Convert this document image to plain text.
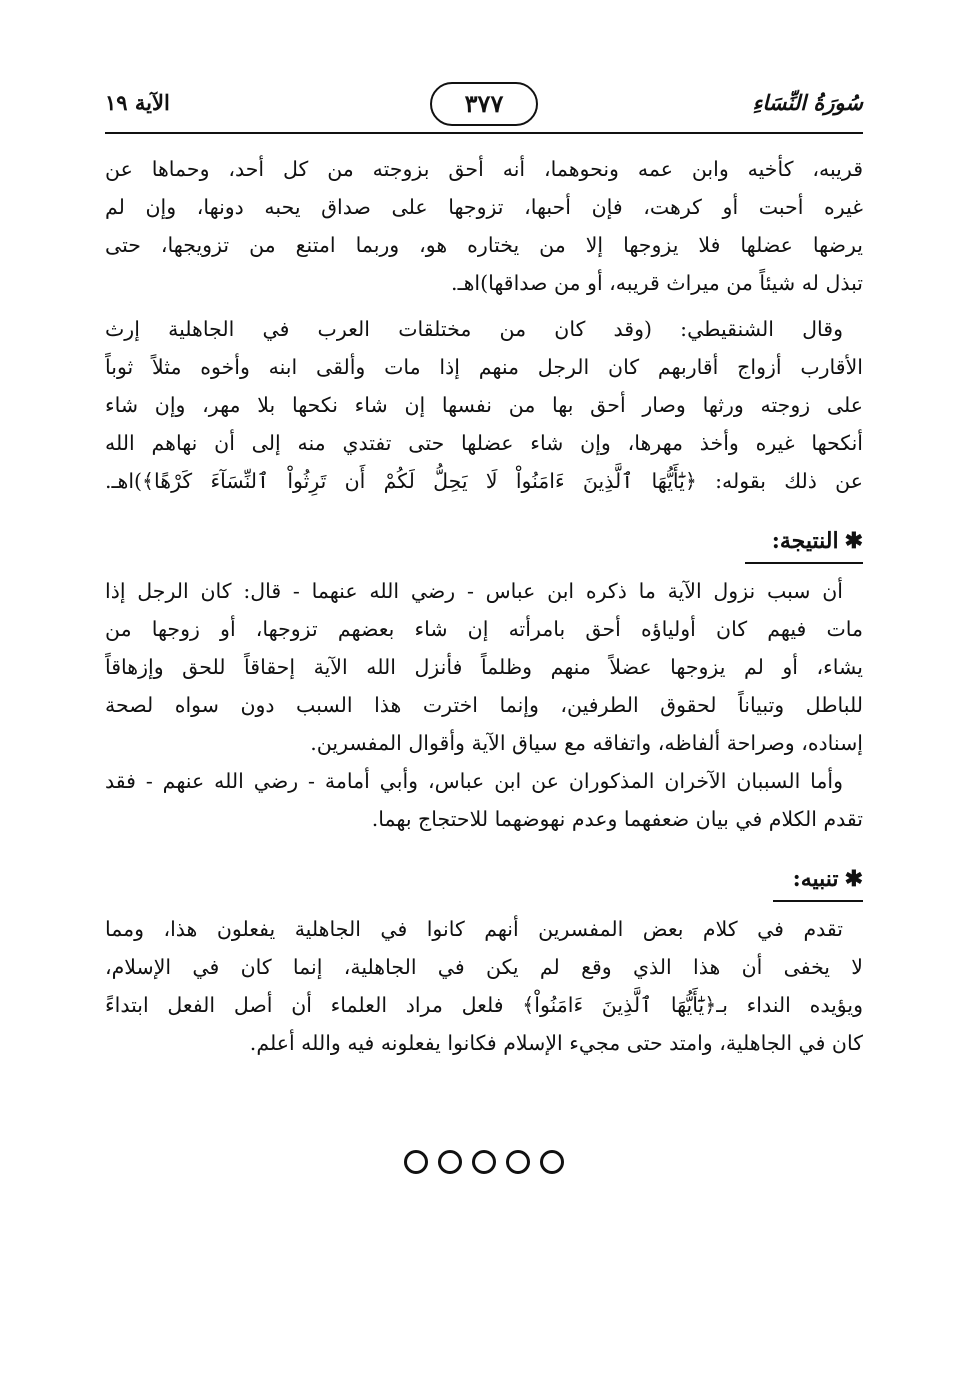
سُورَةُ النِّسَاءِ
٣٧٧
الآية ١٩
قريبه، كأخيه وابن عمه ونحوهما، أنه أحق بزوجته من كل أحد، وحماها عن
غيره أحبت أو كرهت، فإن أحبها، تزوجها على صداق يحبه دونها، وإن لم
يرضها عضلها فلا يزوجها إلا من يختاره هو، وربما امتنع من تزويجها، حتى
تبذل له شيئاً من ميراث قريبه، أو من صداقها)اهـ.
وقال الشنقيطي: (وقد كان من مختلقات العرب في الجاهلية إرث
الأقارب أزواج أقاربهم كان الرجل منهم إذا مات وألقى ابنه وأخوه مثلاً ثوباً
على زوجته ورثها وصار أحق بها من نفسها إن شاء نكحها بلا مهر، وإن شاء
أنكحها غيره وأخذ مهرها، وإن شاء عضلها حتى تفتدي منه إلى أن نهاهم الله
عن ذلك بقوله: ﴿يَٰٓأَيُّهَا ٱلَّذِينَ ءَامَنُواْ لَا يَحِلُّ لَكُمْ أَن تَرِثُواْ ٱلنِّسَآءَ كَرْهًا﴾)اهـ.
✱النتيجة:
أن سبب نزول الآية ما ذكره ابن عباس - رضي الله عنهما - قال: كان الرجل إذا
مات فيهم كان أولياؤه أحق بامرأته إن شاء بعضهم تزوجها، أو زوجها من
يشاء، أو لم يزوجها عضلاً منهم وظلماً فأنزل الله الآية إحقاقاً للحق وإزهاقاً
للباطل وتبياناً لحقوق الطرفين، وإنما اخترت هذا السبب دون سواه لصحة
إسناده، وصراحة ألفاظه، واتفاقه مع سياق الآية وأقوال المفسرين.
وأما السببان الآخران المذكوران عن ابن عباس، وأبي أمامة - رضي الله عنهم - فقد
تقدم الكلام في بيان ضعفهما وعدم نهوضهما للاحتجاج بهما.
✱تنبيه:
تقدم في كلام بعض المفسرين أنهم كانوا في الجاهلية يفعلون هذا، ومما
لا يخفى أن هذا الذي وقع لم يكن في الجاهلية، إنما كان في الإسلام،
ويؤيده النداء بـ﴿يَٰٓأَيُّهَا ٱلَّذِينَ ءَامَنُواْ﴾ فلعل مراد العلماء أن أصل الفعل ابتداءً
كان في الجاهلية، وامتد حتى مجيء الإسلام فكانوا يفعلونه فيه والله أعلم.
